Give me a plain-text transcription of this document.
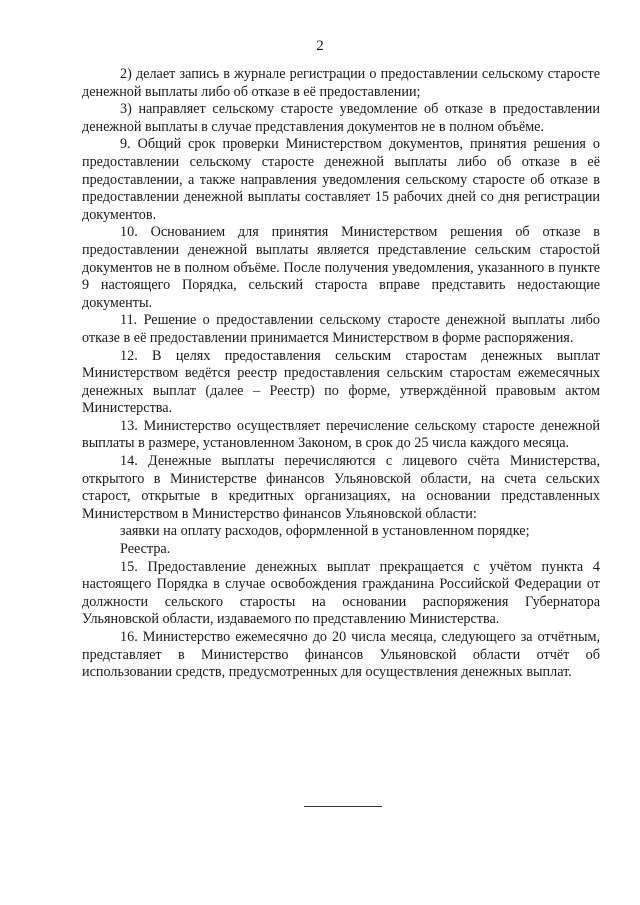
2

2) делает запись в журнале регистрации о предоставлении сельскому старосте денежной выплаты либо об отказе в её предоставлении;

3) направляет сельскому старосте уведомление об отказе в предоставлении денежной выплаты в случае представления документов не в полном объёме.

9. Общий срок проверки Министерством документов, принятия решения о предоставлении сельскому старосте денежной выплаты либо об отказе в её предоставлении, а также направления уведомления сельскому старосте об отказе в предоставлении денежной выплаты составляет 15 рабочих дней со дня регистрации документов.

10. Основанием для принятия Министерством решения об отказе в предоставлении денежной выплаты является представление сельским старостой документов не в полном объёме. После получения уведомления, указанного в пункте 9 настоящего Порядка, сельский староста вправе представить недостающие документы.

11. Решение о предоставлении сельскому старосте денежной выплаты либо отказе в её предоставлении принимается Министерством в форме распоряжения.

12. В целях предоставления сельским старостам денежных выплат Министерством ведётся реестр предоставления сельским старостам ежемесячных денежных выплат (далее – Реестр) по форме, утверждённой правовым актом Министерства.

13. Министерство осуществляет перечисление сельскому старосте денежной выплаты в размере, установленном Законом, в срок до 25 числа каждого месяца.

14. Денежные выплаты перечисляются с лицевого счёта Министерства, открытого в Министерстве финансов Ульяновской области, на счета сельских старост, открытые в кредитных организациях, на основании представленных Министерством в Министерство финансов Ульяновской области:

заявки на оплату расходов, оформленной в установленном порядке;

Реестра.

15. Предоставление денежных выплат прекращается с учётом пункта 4 настоящего Порядка в случае освобождения гражданина Российской Федерации от должности сельского старосты на основании распоряжения Губернатора Ульяновской области, издаваемого по представлению Министерства.

16. Министерство ежемесячно до 20 числа месяца, следующего за отчётным, представляет в Министерство финансов Ульяновской области отчёт об использовании средств, предусмотренных для осуществления денежных выплат.
